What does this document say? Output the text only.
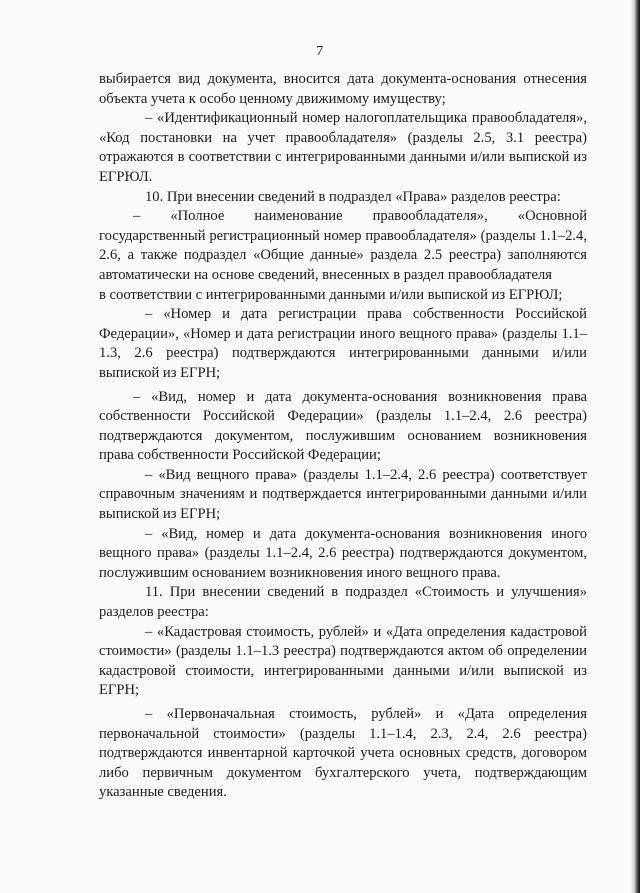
7

выбирается вид документа, вносится дата документа-основания отнесения объекта учета к особо ценному движимому имуществу;

– «Идентификационный номер налогоплательщика правообладателя», «Код постановки на учет правообладателя» (разделы 2.5, 3.1 реестра) отражаются в соответствии с интегрированными данными и/или выпиской из ЕГРЮЛ.

10. При внесении сведений в подраздел «Права» разделов реестра:

– «Полное наименование правообладателя», «Основной государственный регистрационный номер правообладателя» (разделы 1.1–2.4, 2.6, а также подраздел «Общие данные» раздела 2.5 реестра) заполняются автоматически на основе сведений, внесенных в раздел правообладателя

в соответствии с интегрированными данными и/или выпиской из ЕГРЮЛ;

– «Номер и дата регистрации права собственности Российской Федерации», «Номер и дата регистрации иного вещного права» (разделы 1.1–1.3, 2.6 реестра) подтверждаются интегрированными данными и/или выпиской из ЕГРН;

– «Вид, номер и дата документа-основания возникновения права собственности Российской Федерации» (разделы 1.1–2.4, 2.6 реестра) подтверждаются документом, послужившим основанием возникновения права собственности Российской Федерации;

– «Вид вещного права» (разделы 1.1–2.4, 2.6 реестра) соответствует справочным значениям и подтверждается интегрированными данными и/или выпиской из ЕГРН;

– «Вид, номер и дата документа-основания возникновения иного вещного права» (разделы 1.1–2.4, 2.6 реестра) подтверждаются документом, послужившим основанием возникновения иного вещного права.

11. При внесении сведений в подраздел «Стоимость и улучшения» разделов реестра:

– «Кадастровая стоимость, рублей» и «Дата определения кадастровой стоимости» (разделы 1.1–1.3 реестра) подтверждаются актом об определении кадастровой стоимости, интегрированными данными и/или выпиской из ЕГРН;

– «Первоначальная стоимость, рублей» и «Дата определения первоначальной стоимости» (разделы 1.1–1.4, 2.3, 2.4, 2.6 реестра) подтверждаются инвентарной карточкой учета основных средств, договором либо первичным документом бухгалтерского учета, подтверждающим указанные сведения.
